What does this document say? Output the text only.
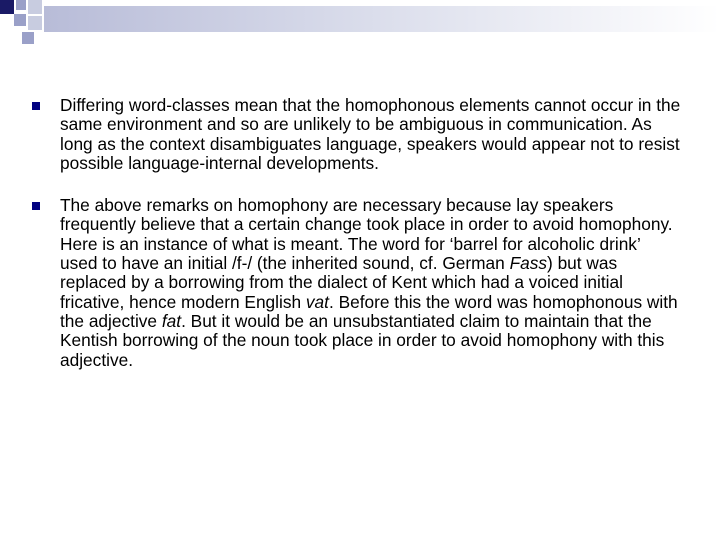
Differing word-classes mean that the homophonous elements cannot occur in the same environment and so are unlikely to be ambiguous in communication. As long as the context disambiguates language, speakers would appear not to resist possible language-internal developments.
The above remarks on homophony are necessary because lay speakers frequently believe that a certain change took place in order to avoid homophony. Here is an instance of what is meant. The word for ‘barrel for alcoholic drink’ used to have an initial /f-/ (the inherited sound, cf. German Fass) but was replaced by a borrowing from the dialect of Kent which had a voiced initial fricative, hence modern English vat. Before this the word was homophonous with the adjective fat. But it would be an unsubstantiated claim to maintain that the Kentish borrowing of the noun took place in order to avoid homophony with this adjective.
